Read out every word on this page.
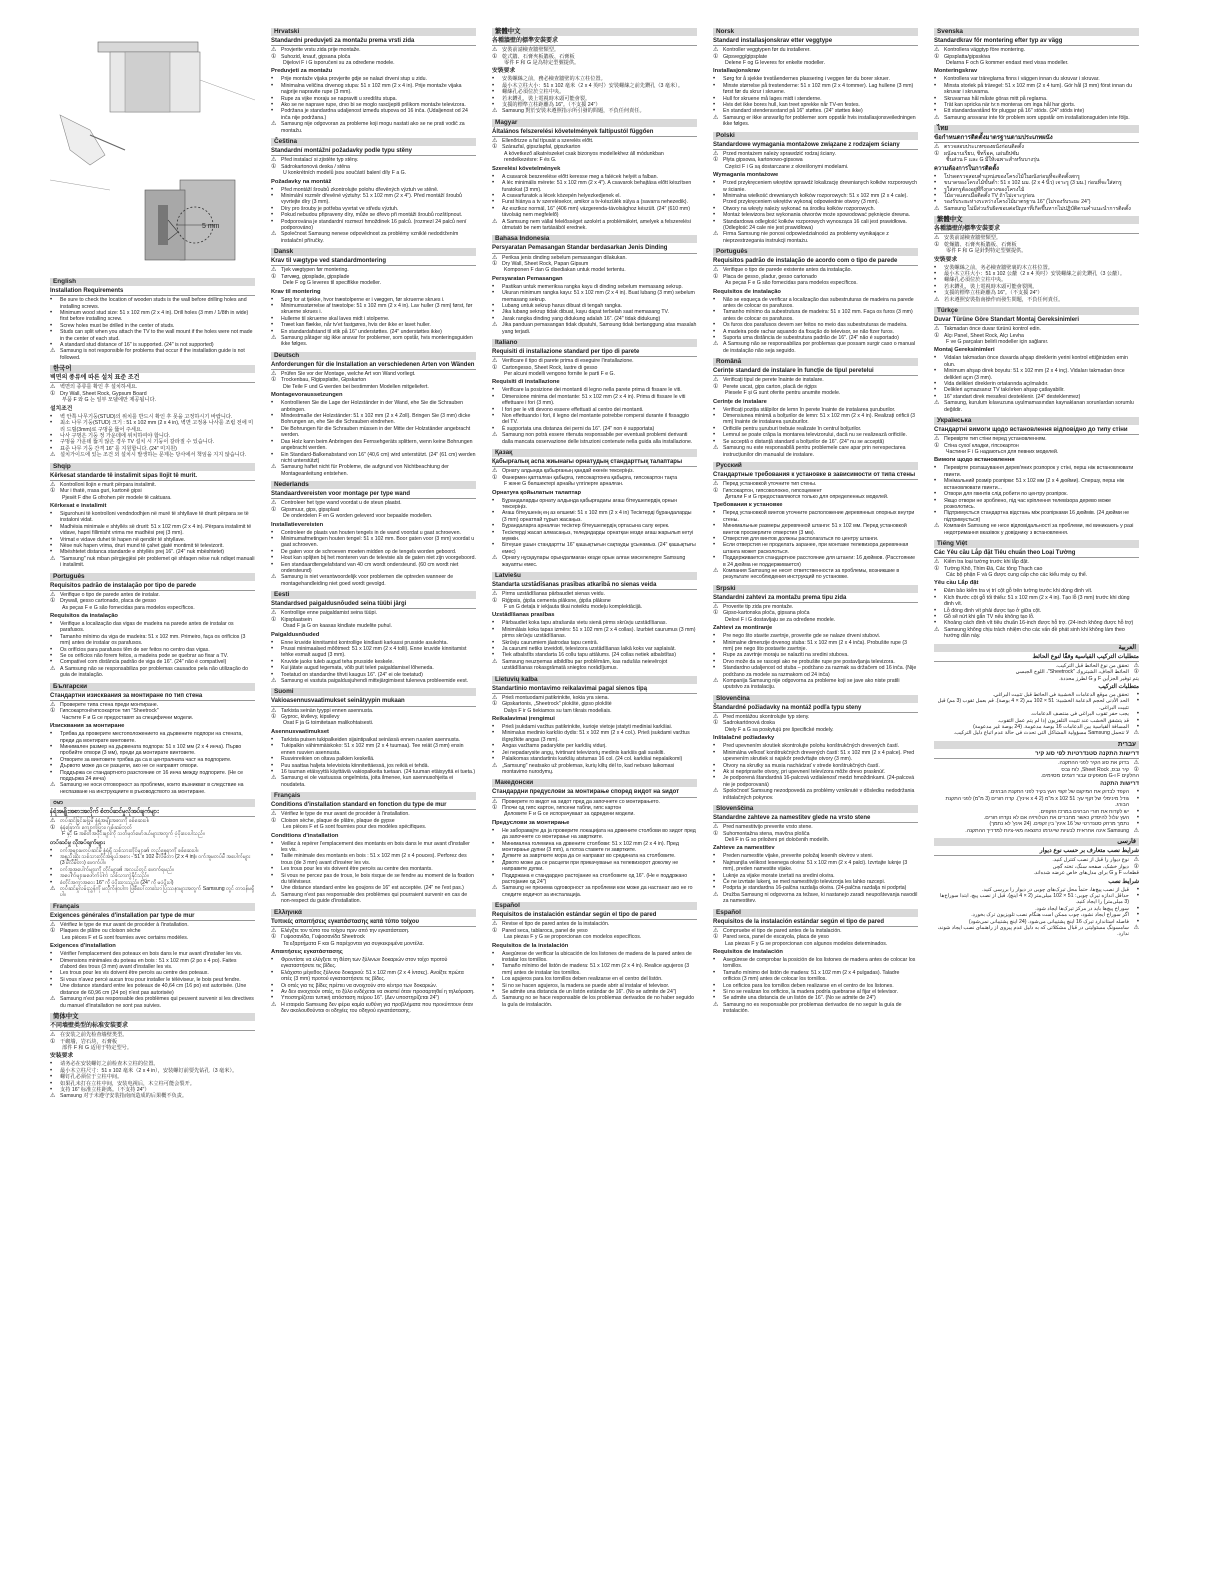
5 mm
English
Installation Requirements
•	Be sure to check the location of wooden studs is the wall before drilling holes and installing screws.
•	Minimum wood stud size: 51 x 102 mm (2 x 4 in). Drill holes (3 mm / 1/8th in wide) first before installing screw.
•	Screw holes must be drilled in the center of studs.
•	Studs can split when you attach the TV to the wall mount if the holes were not made in the center of each stud.
•	A standard stud distance of 16" is supported. (24" is not supported)
⚠ Samsung is not responsible for problems that occur if the installation guide is not followed.
한국어
벽면의 종류에 따른 설치 표준 조건
⚠ 벽면의 종류를 확인 후 설치하세요.
① Dry Wall, Sheet Rock, Gypsum Board
부품 F 와 G 는 일부 모델에만 제공됩니다.
설치조건
•	벽 안쪽 나무기둥(STUD)의 위치를 반드시 확인 후 못을 고정하시기 바랍니다.
•	최소 나무 기둥(STUD) 크기 : 51 x 102 mm (2 x 4 in), 벽면 고정용 나사를 조립 전에 미리 드릴(3mm)로 구멍을 뚫어 주세요.
•	나사 구멍은 기둥 정 가운데에 위치하여야 합니다.
•	구멍을 가운데 뚫지 않은 경우 TV 설치 시 기둥이 갈라질 수 있습니다.
•	표준 나무 기둥 간격 16" 를 지원합니다. (24" 미지원)
⚠ 설치가이드에 있는 조건 외 설치시 발생하는 문제는 당사에서 책임을 지지 않습니다.
Shqip
Kërkesat standarde të instalimit sipas llojit të murit.
⚠ Kontrolloni llojin e murit përpara instalimit.
① Mur i thatë, rrasa guri, kartonë gipsi
Pjesët F dhe G ofrohen për modele të caktuara.
Kërkesat e instalimit
•	Sigurohuni të kontrolloni vendndodhjen në murë të shtyllave të drurit përpara se të instaloni vidat.
•	Madhësia minimale e shtyllës së drurit: 51 x 102 mm (2 x 4 in). Përpara instalimit të vidave, hapni fillimisht vrima me madhësi prej (3 mm).
•	Vrimat e vidave duhet të hapen në qendër të shtyllave.
•	Nëse nuk hapen vrima, druri mund të çahet gjatë montimit të televizorit.
•	Mbështetet distanca standarde e shtyllës prej 16". (24" nuk mbështetet)
⚠ "Samsung" nuk mban përgjegjësi për problemet që shfaqen nëse nuk ndiqet manuali i instalimit.
Português
Requisitos padrão de instalação por tipo de parede
⚠ Verifique o tipo de parede antes de instalar.
① Drywall, gesso cartonado, placa de gesso
As peças F e G são fornecidas para modelos específicos.
Requisitos da instalação
•	Verifique a localização das vigas de madeira na parede antes de instalar os parafusos.
•	Tamanho mínimo da viga de madeira: 51 x 102 mm. Primeiro, faça os orifícios (3 mm) antes de instalar os parafusos.
•	Os orifícios para parafusos têm de ser feitos no centro das vigas.
•	Se os orifícios não forem feitos, a madeira pode se quebrar ao fixar a TV.
•	Compatível com distância padrão de viga de 16". (24" não é compatível)
⚠ A Samsung não se responsabiliza por problemas causados pela não utilização do guia de instalação.
Български
Стандартни изисквания за монтиране по тип стена
⚠ Проверете типа стена преди монтиране.
① Гипсокартон/гипсокартон тип "Sheetrock"
Частите F и G се предоставят за специфични модели.
Изисквания за монтиране
•	Трябва да проверите местоположението на дървените подпори на стената, преди да монтирате винтовете.
•	Минимален размер на дървената подпора: 51 x 102 мм (2 x 4 инча). Първо пробийте отвори (3 мм), преди да монтирате винтовете.
•	Отворите за винтовете трябва да са в централната част на подпорите.
•	Дървото може да се разцепи, ако не се направят отвори.
•	Поддържа се стандартното разстояние от 16 инча между подпорите. (Не се поддържа 24 инча)
⚠ Samsung не носи отговорност за проблеми, които възникват в следствие на неспазване на инструкциите в ръководството за монтиране.
ဗမာ
နံရံအမျိုးအစားအလိုက် စံတပ်ဆင်မှုလိုအပ်ချက်များ
⚠ တပ်ဆင်ခြင်းမပြုမီ နံရံအမျိုးအစားကို စစ်ဆေးပါ။
① နံရံခြောက်၊ ကျောက်ပြား၊ ဂျစ်ဆမ်ဘုတ်
F နှင့် G အစိတ်အပိုင်းများကို သတ်မှတ်မော်ဒယ်များအတွက် ပံ့ပိုးပေးပါသည်။
တပ်ဆင်မှု လိုအပ်ချက်များ
•	ဝက်အူများမတပ်ဆင်မီ နံရံရှိ သစ်သားတိုင်များ၏ တည်နေရာကို စစ်ဆေးပါ။
•	အနည်းဆုံး သစ်သားတိုင်အရွယ်အစား - 51 x 102 မီလီမီတာ (2 x 4 in)။ ဝက်အူမတပ်မီ အပေါက်များ (3 မီလီမီတာ) ဖောက်ပါ။
•	ဝက်အူအပေါက်များကို တိုင်များ၏ အလယ်တွင် ဖောက်ရမည်။
•	အပေါက်များမဖောက်ပါက သစ်သားကွဲနိုင်သည်။
•	စံတိုင်အကွာအဝေး 16" ကို ပံ့ပိုးထားသည်။ (24" ကို မပံ့ပိုးပါ)
⚠ တပ်ဆင်မှုလမ်းညွှန်ကို မလိုက်နာပါက ဖြစ်ပေါ်လာသော ပြဿနာများအတွက် Samsung တွင် တာဝန်မရှိပါ။
Français
Exigences générales d'installation par type de mur
⚠ Vérifiez le type de mur avant de procéder à l'installation.
① Plaques de plâtre ou cloison sèche
Les pièces F et G sont fournies avec certains modèles.
Exigences d'installation
•	Vérifier l'emplacement des poteaux en bois dans le mur avant d'installer les vis.
•	Dimensions minimales du poteau en bois : 51 x 102 mm (2 po x 4 po). Faites d'abord des trous (3 mm) avant d'installer les vis.
•	Les trous pour les vis doivent être percés au centre des poteaux.
•	Si vous n'avez percé aucun trou pour installer le téléviseur, le bois peut fendre.
•	Une distance standard entre les poteaux de 40,64 cm (16 po) est autorisée. (Une distance de 60,96 cm (24 po) n'est pas autorisée)
⚠ Samsung n'est pas responsable des problèmes qui peuvent survenir si les directives du manuel d'installation ne sont pas suivies.
简体中文
不同墙壁类型的标准安装要求
⚠ 在安装之前先检查墙壁类型。
① 干砌墙，岩石块，石膏板
部件 F 和 G 适用于特定型号。
安装要求
•	请务必在安装螺钉之前检查木立柱的位置。
•	最小木立柱尺寸：51 x 102 毫米（2 x 4 in），安装螺钉前要先钻孔（3 毫米）。
•	螺钉孔必须位于立柱中间。
•	如果孔未打在立柱中间，安装电视后，木立柱可能会裂开。
•	支持 16" 标准立柱距离。（不支持 24"）
⚠ Samsung 对于未遵守安装指南而造成的后果概不负责。
Hrvatski
Standardni preduvjeti za montažu prema vrsti zida
⚠ Provjerite vrstu zida prije montaže.
① Suhozid, knauf, gipsana ploča
Dijelovi F i G isporučeni su za određene modele.
Preduvjeti za montažu
•	Prije montaže vijaka provjerite gdje se nalazi drveni stup u zidu.
•	Minimalna veličina drvenog stupa: 51 x 102 mm (2 x 4 in). Prije montaže vijaka najprije napravite rupe (3 mm).
•	Rupe za vijke moraju se napraviti u središtu stupa.
•	Ako se ne naprave rupe, drvo bi se moglo rascijepiti prilikom montaže televizora.
•	Podržana je standardna udaljenost između stupova od 16 inča. (Udaljenost od 24 inča nije podržana.)
⚠ Samsung nije odgovoran za probleme koji mogu nastati ako se ne prati vodič za montažu.
Čeština
Standardní montážní požadavky podle typu stěny
⚠ Před instalací si zjistěte typ stěny.
① Sádrokartonová deska / stěna
U konkrétních modelů jsou součástí balení díly F a G.
Požadavky na montáž
•	Před montáží šroubů zkontrolujte polohu dřevěných výztuh ve stěně.
•	Minimální rozměr dřevěné výztuhy: 51 x 102 mm (2 x 4"). Před montáží šroubů vyvrtejte díry (3 mm).
•	Díry pro šrouby je potřeba vyvrtat ve středu výztuh.
•	Pokud nebudou připraveny díry, může se dřevo při montáži šroubů rozštípnout.
•	Podporována je standardní rozmezí hmoždinek 16 palců. (rozmezí 24 palců není podporováno)
⚠ Společnost Samsung nenese odpovědnost za problémy vzniklé nedodržením instalační příručky.
Dansk
Krav til vægtype ved standardmontering
⚠ Tjek vægtypen før montering.
① Tørvæg, gipsplade, gipsplade
Dele F og G leveres til specifikke modeller.
Krav til montering
•	Sørg for at tjekke, hvor træstolperne er i væggen, før skruerne skrues i.
•	Minimumsstørrelse af træstolpe: 51 x 102 mm (2 x 4 in). Lav huller (3 mm) først, før skruerne skrues i.
•	Hullerne til skruerne skal laves midt i stolperne.
•	Træet kan flække, når tv'et fastgøres, hvis der ikke er lavet huller.
•	En standardafstand til stik på 16" understøttes. (24" understøttes ikke)
⚠ Samsung påtager sig ikke ansvar for problemer, som opstår, hvis monteringsguiden ikke følges.
Deutsch
Anforderungen für die Installation an verschiedenen Arten von Wänden
⚠ Prüfen Sie vor der Montage, welche Art von Wand vorliegt.
① Trockenbau, Rigipsplatte, Gipskarton
Die Teile F und G werden bei bestimmten Modellen mitgeliefert.
Montagevoraussetzungen
•	Kontrollieren Sie die Lage der Holzständer in der Wand, ehe Sie die Schrauben anbringen.
•	Mindestmaße der Holzständer: 51 x 102 mm (2 x 4 Zoll). Bringen Sie (3 mm) dicke Bohrungen an, ehe Sie die Schrauben eindrehen.
•	Die Bohrungen für die Schrauben müssen in der Mitte der Holzständer angebracht werden.
•	Das Holz kann beim Anbringen des Fernsehgeräts splittern, wenn keine Bohrungen angebracht werden.
•	Ein Standard-Balkenabstand von 16" (40,6 cm) wird unterstützt. (24" (61 cm) werden nicht unterstützt)
⚠ Samsung haftet nicht für Probleme, die aufgrund von Nichtbeachtung der Montageanleitung entstehen.
Nederlands
Standaardvereisten voor montage per type wand
⚠ Controleer het type wand voordat u de steun plaatst.
① Gipsmuur, gips, gipsplaat
De onderdelen F en G worden geleverd voor bepaalde modellen.
Installatievereisten
•	Controleer de plaats van houten tengels in de wand voordat u gaat schroeven.
•	Minimumafmetingen houten tengel: 51 x 102 mm. Boor gaten voor (3 mm) voordat u gaat schroeven.
•	De gaten voor de schroeven moeten midden op de tengels worden geboord.
•	Hout kan splijten bij het monteren van de televisie als de gaten niet zijn voorgeboord.
•	Een standaardtengelafstand van 40 cm wordt ondersteund. (60 cm wordt niet ondersteund)
⚠ Samsung is niet verantwoordelijk voor problemen die optreden wanneer de montagehandleiding niet goed wordt gevolgd.
Eesti
Standardsed paigaldusnõuded seina tüübi järgi
⚠ Kontrollige enne paigaldamist seina tüüpi.
① Kipsplaatsein
Osad F ja G on kaasas kindlate mudelite puhul.
Paigaldusnõuded
•	Enne kruvide kinnitamist kontrollige kindlasti karkassi prusside asukohta.
•	Prussi minimaalsed mõõtmed: 51 x 102 mm (2 x 4 tolli). Enne kruvide kinnitamist tehke esmalt augud (3 mm).
•	Kruvide jaoks tuleb augud teha prusside keskele.
•	Kui jätate augud tegemata, võib puit teleri paigaldamisel lõheneda.
•	Toetatud on standardne tihvti kaugus 16". (24" ei ole toetatud)
⚠ Samsung ei vastuta paigaldusjuhendi mittejärgimisest tuleneva probleemide eest.
Suomi
Vakioasennusvaatimukset seinätyypin mukaan
⚠ Tarkista seinän tyyppi ennen asennusta.
① Gyproc, kivilevy, kipsilevy
Osat F ja G toimitetaan malikohtaisesti.
Asennusvaatimukset
•	Tarkista puisen tukipalkeiden sijaintipaikat seinässä ennen ruuvien asennusta.
•	Tukipalkin vähimmäiskoko: 51 x 102 mm (2 x 4 tuumaa). Tee reiät (3 mm) ensin ennen ruuvien asennusta.
•	Ruuvinreikien on oltava palkien keskellä.
•	Puu saattaa haljeta televisiota kiinnitettäessä, jos reikiä ei tehdä.
•	16 tuuman etäisyyttä käyttäviä vakiopalkeita tuetaan. (24 tuuman etäisyyttä ei tueta.)
⚠ Samsung ei ole vastuussa ongelmista, joita ilmenee, kun asennusohjeita ei noudateta.
Français
Conditions d'installation standard en fonction du type de mur
⚠ Vérifiez le type de mur avant de procéder à l'installation.
① Cloison sèche, plaque de plâtre, plaque de gypse
Les pièces F et G sont fournies pour des modèles spécifiques.
Conditions d'installation
•	Veillez à repérer l'emplacement des montants en bois dans le mur avant d'installer les vis.
•	Taille minimale des montants en bois : 51 x 102 mm (2 x 4 pouces). Perforez des trous (de 3 mm) avant d'insérer les vis.
•	Les trous pour les vis doivent être percés au centre des montants.
•	Si vous ne percez pas de trous, le bois risque de se fendre au moment de la fixation du téléviseur.
•	Une distance standard entre les goujons de 16" est acceptée. (24" ne l'est pas.)
⚠ Samsung n'est pas responsable des problèmes qui pourraient survenir en cas de non-respect du guide d'installation.
Ελληνικά
Τυπικές απαιτήσεις εγκατάστασης κατά τύπο τοίχου
⚠ Ελέγξτε τον τύπο του τοίχου πριν από την εγκατάσταση.
① Γυψοσανίδα, Γυψοσανίδα Sheetrock
Τα εξαρτήματα F και G παρέχονται για συγκεκριμένα μοντέλα.
Απαιτήσεις εγκατάστασης
•	Φροντίστε να ελέγξετε τη θέση των ξύλινων δοκαριών στον τοίχο προτού εγκαταστήσετε τις βίδες.
•	Ελάχιστο μέγεθος ξύλινου δοκαριού: 51 x 102 mm (2 x 4 ίντσες). Ανοίξτε πρώτα οπές (3 mm) προτού εγκαταστήσετε τις βίδες.
•	Οι οπές για τις βίδες πρέπει να ανοιχτούν στο κέντρο των δοκαριών.
•	Αν δεν ανοιχτούν οπές, το ξύλο ενδέχεται να σκιστεί όταν προσαρτηθεί η τηλεόραση.
•	Υποστηρίζεται τυπική απόσταση πείρου 16". (Δεν υποστηρίζεται 24")
⚠ Η εταιρεία Samsung δεν φέρει καμία ευθύνη για προβλήματα που προκύπτουν όταν δεν ακολουθούνται οι οδηγίες του οδηγού εγκατάστασης.
繁體中文
各種牆壁的標準安裝要求
⚠ 安裝前請檢查牆壁類型。
① 乾式牆、石膏夾板牆板、石膏板
零件 F 和 G 是為特定型號提供。
安裝要求
•	安裝螺絲之前，務必檢查牆壁的木立柱位置。
•	最小木立柱大小：51 x 102 毫米（2 x 4 英吋）安裝螺絲之前先鑽孔（3 毫米）。
•	螺絲孔必須位於立柱中央。
•	若未鑽孔，裝上電視時木頭可能會裂。
•	支援的標準立柱距離為 16"。（不支援 24"）
⚠ Samsung 對於安裝未遵照指示所引發的問題，不負任何責任。
Magyar
Általános felszerelési követelmények faltípustól függően
⚠ Ellenőrizze a fal típusát a szerelés előtt.
① Szárazfal, gipszlapfal, gipszkarton
A következő alkatrészeket csak bizonyos modellekhez áll módunkban rendelkezésre: F és G.
Szerelési követelmények
•	A csavarok beszerelése előtt keresse meg a falécek helyét a falban.
•	A léc minimális mérete: 51 x 102 mm (2 x 4"). A csavarok behajtása előtt készítsen furatokat (3 mm).
•	A csavarfuratok a lécek közepén helyezkedjenek el.
•	Furat hiánya a tv szerelésekor, amikor a tv-készülék súlya a (savarra nehezedik).
•	Az esztkoz normál, 16" (406 mm) vázgerenda-távolsághoz készült. (24" (610 mm) távolság nem megfelelő)
⚠ A Samsung nem vállal felelősséget azokért a problémákért, amelyek a felszerelési útmutató be nem tartásából erednek.
Bahasa Indonesia
Persyaratan Pemasangan Standar berdasarkan Jenis Dinding
⚠ Periksa jenis dinding sebelum pemasangan dilakukan.
① Dry Wall, Sheet Rock, Papan Gipsum
Komponen F dan G disediakan untuk model tertentu.
Persyaratan Pemasangan
•	Pastikan untuk memeriksa rangka kayu di dinding sebelum memasang sekrup.
•	Ukuran minimum rangka kayu: 51 x 102 mm (2 x 4 in). Buat lubang (3 mm) sebelum memasang sekrup.
•	Lubang untuk sekrup harus dibuat di tengah rangka.
•	Jika lubang sekrup tidak dibuat, kayu dapat terbelah saat memasang TV.
•	Jarak rangka dinding yang didukung adalah 16". (24" tidak didukung)
⚠ Jika panduan pemasangan tidak dipatuhi, Samsung tidak bertanggung atas masalah yang terjadi.
Italiano
Requisiti di installazione standard per tipo di parete
⚠ Verificare il tipo di parete prima di eseguire l'installazione.
① Cartongesso, Sheet Rock, lastre di gesso
Per alcuni modelli vengono fornite le parti F e G.
Requisiti di installazione
•	Verificare la posizione dei montanti di legno nella parete prima di fissare le viti.
•	Dimensione minima del montante: 51 x 102 mm (2 x 4 in). Prima di fissare le viti effettuare i fori (3 mm).
•	I fori per le viti devono essere effettuati al centro dei montanti.
•	Non effettuando i fori, il legno del montante potrebbe rompersi durante il fissaggio del TV.
•	È supportata una distanza dei perni da 16". (24" non è supportata)
⚠ Samsung non potrà essere ritenuta responsabile per eventuali problemi derivanti dalla mancata osservazione delle istruzioni contenute nella guida alla installazione.
Қазақ
Қабырғалық аспа жиынағы орнатудың стандарттық талаптары
⚠ Орнату алдында қабырғаның қандай екенін тексеріңіз.
① Фанермен қапталған қабырға, гипсокартонға қабырға, гипсокартон тақта
F және G бөлшектері арнайы үлгілерге арналған.
Орнатуға қойылатын талаптар
•	Бұрандаларды орнату алдында қабырғадағы ағаш бітеушелердің орнын тексеріңіз.
•	Ағаш бітеушенің ең аз өлшемі: 51 x 102 mm (2 x 4 in) Тесіктерді бұрандаларды (3 mm) орнатпай тұрып жасаңыз.
•	Бұрандаларға арналған тесіктер бітеушелердің ортасына салу керек.
•	Тесіктерді жасап алмасаңыз, теледидарды орнатқан кезде ағаш жарылып кетуі мүмкін.
•	Бітеуше ұшын стандартты 16" қашықтығын сақтауды ұсынамыз. (24" қашықтығы емес)
⚠ Орнату нұсқаулары орындалмаған кезде орын алған мәселелерге Samsung жауапты емес.
Latviešu
Standarta uzstādīšanas prasības atkarībā no sienas veida
⚠ Pirms uzstādīšanas pārbaudiet sienas veidu.
① Riģipsis, ģipša cementa plāksne, ģipša plāksne
F un G detaļa ir iekļauta tikai noteiktu modeļu komplektācijā.
Uzstādīšanas prasības
•	Pārbaudiet koka tapu atrašanās vietu sienā pirms skrūvju uzstādīšanas.
•	Minimālais koka tapas izmērs: 51 x 102 mm (2 x 4 collas). Izurbiet caurumus (3 mm) pirms skrūvju uzstādīšanas.
•	Skrūvju caurumiem jāatrodas tapu centrā.
•	Ja caurumi netiks izveidoti, televizora uzstādīšanas laikā koks var saplaisāt.
•	Tiek atbalstīts standarta 16 collu tapu attālums. (24 collas netiek atbalstītas)
⚠ Samsung neuzņemas atbildību par problēmām, kas radušās neievērojot uzstādīšanas rokasgrāmatā sniegtos norādījumus.
Lietuvių kalba
Standartinio montavimo reikalavimai pagal sienos tipą
⚠ Prieš montuodami patikrinkite, kokia yra siena.
① Gipskartonis, „Sheetrock" plokštė, gipso plokštė
Dalys F ir G tiekiamos su tam tikrais modeliais.
Reikalavimai įrengimui
•	Prieš įsukdami varžtus patikrinkite, kurioje vietoje įstatyti mediniai karkšiai.
•	Minimalus medinio karkšio dydis: 51 x 102 mm (2 x 4 col.). Prieš įsukdami varžtus išgręžkite angas (3 mm).
•	Angas varžtams padarykite per karkšių vidurį.
•	Jei nepadarysite angų, tvirtinant televizorių medinis karkšis gali suskilti.
•	Palaikomas standartinis karkšių atstumas 16 col. (24 col. karkšiai nepalaikomi)
⚠ „Samsung" neatsako už problemas, kurių kiltų dėl to, kad nebuvo laikomasi montavimo nurodymų.
Македонски
Стандардни предуслови за монтирање според видот на ѕидот
⚠ Проверете го видот на ѕидот пред да започнете со монтирањето.
① Плочи од гипс картон, гипсени табли, гипс картон
Деловите F и G се испорачуваат за одредени модели.
Предуслови за монтирање
•	Не заборавајте да ја проверите локацијата на дрвените столбови во ѕидот пред да започнете со монтирање на завртките.
•	Минимална големина на дрвените столбови: 51 x 102 mm (2 x 4 in). Пред монтирање дупни (3 mm), а потоа ставете ги завртките.
•	Дупките за завртките мора да се направат во средината на столбовите.
•	Дрвото може да се расцепи при прикачување на телевизорот доколку не направите дупки.
•	Поддржана е стандардно растојание на столбовите од 16". (Не е поддржано растојание од 24")
⚠ Samsung не презема одговорност за проблеми кои може да настанат ако не го следите водичот за инсталација.
Español
Requisitos de instalación estándar según el tipo de pared
⚠ Revise el tipo de pared antes de la instalación.
① Pared seca, tablaroca, panel de yeso
Las piezas F y G se proporcionan con modelos específicos.
Requisitos de la instalación
•	Asegúrese de verificar la ubicación de los listones de madera de la pared antes de instalar los tornillos.
•	Tamaño mínimo del listón de madera: 51 x 102 mm (2 x 4 in). Realice agujeros (3 mm) antes de instalar los tornillos.
•	Los agujeros para los tornillos deben realizarse en el centro del listón.
•	Si no se hacen agujeros, la madera se puede abrir al instalar el televisor.
•	Se admite una distancia de un listón estándar de 16". (No se admite de 24")
⚠ Samsung no se hace responsable de los problemas derivados de no haber seguido la guía de instalación.
Norsk
Standard installasjonskrav etter veggtype
⚠ Kontroller veggtypen før du installerer.
① Gipsvegg/gipsplate
Delene F og G leveres for enkelte modeller.
Installasjonskrav
•	Sørg for å sjekke treståendernes plassering i veggen før du borer skruer.
•	Minste størrelse på trestenderne: 51 x 102 mm (2 x 4 tommer). Lag hullene (3 mm) først før du skrur i skruene.
•	Hull for skruene må lages midt i stenderne.
•	Hvis det ikke bores hull, kan treet sprekke når TV-en festes.
•	En standard stenderavstand på 16" støttes. (24" støttes ikke)
⚠ Samsung er ikke ansvarlig for problemer som oppstår hvis installasjonsveiledningen ikke følges.
Polski
Standardowe wymagania montażowe związane z rodzajem ściany
⚠ Przed montażem należy sprawdzić rodzaj ściany.
① Płyta gipsowa, kartonowo-gipsowa
Części F i G są dostarczane z określonymi modelami.
Wymagania montażowe
•	Przed przykręceniem wkrętów sprawdź lokalizację drewnianych kołków rozporowych w ścianie.
•	Minimalna wielkość drewnianych kołków rozporowych: 51 x 102 mm (2 x 4 cale). Przed przykręceniem wkrętów wykonaj odpowiednie otwory (3 mm).
•	Otwory na wkręty należy wykonać na środku kołków rozporowych.
•	Montaż telewizora bez wykonania otworów może spowodować pęknięcie drewna.
•	Standardowa odległość kołków rozporowych wynosząca 16 cali jest prawidłowa. (Odległość 24 cale nie jest prawidłowa)
⚠ Firma Samsung nie ponosi odpowiedzialności za problemy wynikające z nieprzestrzegania instrukcji montażu.
Português
Requisitos padrão de instalação de acordo com o tipo de parede
⚠ Verifique o tipo de parede existente antes da instalação.
① Placa de gesso, pladur, gesso cartonado
As peças F e G são fornecidas para modelos específicos.
Requisitos de instalação
•	Não se esqueça de verificar a localização das subestruturas de madeira na parede antes de colocar os parafusos.
•	Tamanho mínimo da subestrutura de madeira: 51 x 102 mm. Faça os furos (3 mm) antes de colocar os parafusos.
•	Os furos dos parafusos devem ser feitos no meio das subestruturas de madeira.
•	A madeira pode rachar aquando da fixação do televisor, se não fizer furos.
•	Suporta uma distância de subestrutura padrão de 16". (24" não é suportado)
⚠ A Samsung não se responsabiliza por problemas que possam surgir caso o manual de instalação não seja seguido.
Română
Cerințe standard de instalare în funcție de tipul peretelui
⚠ Verificați tipul de perete înainte de instalare.
① Perete uscat, gips carton, placă de rigips
Piesele F și G sunt oferite pentru anumite modele.
Cerințe de instalare
•	Verificați poziția stâlpilor de lemn în perete înainte de instalarea șuruburilor.
•	Dimensiunea minimă a bolțurilor de lemn: 51 x 102 mm (2 x 4 in). Realizați orificii (3 mm) înainte de instalarea șuruburilor.
•	Orificiile pentru șuruburi trebuie realizate în centrul bolțurilor.
•	Lemnul se poate crăpa la montarea televizorului, dacă nu se realizează orificiile.
•	Se acceptă o distanță standard a bolțurilor de 16". (24" nu se acceptă)
⚠ Samsung nu este responsabilă pentru problemele care apar prin nerespectarea instrucțiunilor din manualul de instalare.
Русский
Стандартные требования к установке в зависимости от типа стены
⚠ Перед установкой уточните тип стены.
① Гипсокартон, гипсоволокно, гипсоцемент
Детали F и G предоставляются только для определенных моделей.
Требования к установке
•	Перед установкой винтов уточните расположение деревянных опорных внутри стены.
•	Минимальные размеры деревянной штанги: 51 x 102 мм. Перед установкой винтов просверлите отверстия (3 мм).
•	Отверстия для винтов должны располагаться по центру штанги.
•	Если отверстия не проделать заранее, при монтаже телевизора деревянная штанга может расколоться.
•	Поддерживается стандартное расстояние для штанги: 16 дюймов. (Расстояние в 24 дюйма не поддерживается)
⚠ Компания Samsung не несет ответственности за проблемы, возникшие в результате несоблюдения инструкций по установке.
Srpski
Standardni zahtevi za montažu prema tipu zida
⚠ Proverite tip zida pre montaže.
① Gipsо-kartonska ploča, gipsana ploča
Delovi F i G dostavljaju se za određene modele.
Zahtevi za montiranje
•	Pre nego što stavite zavrtnje, proverite gde se nalaze drveni stubovi.
•	Minimalne dimenzije drvenog stuba: 51 x 102 mm (2 x 4 inča). Probušite rupe (3 mm) pre nego što postavite zavrtnje.
•	Rupe za zavrtnje moraju se nalaziti na sredini stubova.
•	Drvo može da se rascepi ako ne probušite rupe pre postavljanja televizora.
•	Standardno udaljenost od stuba – podržano za razmak sa držačem od 16 inča. (Nije podržano za modele sa razmakom od 24 inča)
⚠ Kompanija Samsung nije odgovorna za probleme koji se javе ako niste pratili uputstvo za instalaciju.
Slovenčina
Štandardné požiadavky na montáž podľa typu steny
⚠ Pred montážou skontrolujte typ steny.
① Sadrokartónová doska
Diely F a G sa poskytujú pre špecifické modely.
Inštalačné požiadavky
•	Pred upevnením skrutiek skontrolujte polohu konštrukčných drevených častí.
•	Minimálna veľkosť konštrukčných drevených častí: 51 x 102 mm (2 x 4 palce). Pred upevnením skrutiek si najskôr predvŕtajte otvory (3 mm).
•	Otvory na skrutky sa musia nachádzať v strede konštrukčných častí.
•	Ak si nepripravíte otvory, pri upevnení televízora môže drevo prasknúť.
•	Je podporená štandardná 16-palcová vzdialenosť medzi hmoždinkami. (24-palcová nie je podporovaná)
⚠ Spoločnosť Samsung nezodpovedá za problémy vzniknuté v dôsledku nedodržania inštalačných pokynov.
Slovenščina
Standardne zahteve za namestitev glede na vrsto stene
⚠ Pred namestitvijo preverite vrsto stene.
① Suhomontažna stena, mavčna plošča
Deli F in G so priloženi pri določenih modelih.
Zahteve za namestitev
•	Preden namestite vijake, preverite položaj lesenih okvirov v steni.
•	Najmanjša velikost lesenega okvira: 51 x 102 mm (2 x 4 palci). Izvrtajte luknje (3 mm), preden namestite vijake.
•	Luknje za vijake morate izvrtati na sredini okvira.
•	Če ne izvrtate lukenj, se med namestitvijo televizorja les lahko razcepi.
•	Podprta je standardna 16-palčna razdalja okvira. (24-palčna razdalja ni podprta)
⚠ Družba Samsung ni odgovorna za težave, ki nastanejo zaradi neupoštevanja navodil za namestitev.
Español
Requisitos de la instalación estándar según el tipo de pared
⚠ Compruebe el tipo de pared antes de la instalación.
① Pared seca, panel de escayola, placa de yeso
Las piezas F y G se proporcionan con algunos modelos determinados.
Requisitos de instalación
•	Asegúrese de comprobar la posición de los listones de madera antes de colocar los tornillos.
•	Tamaño mínimo del listón de madera: 51 x 102 mm (2 x 4 pulgadas). Taladre orificios (3 mm) antes de colocar los tornillos.
•	Los orificios para los tornillos deben realizarse en el centro de los listones.
•	Si no se realizan los orificios, la madera podría quebrarse al fijar el televisor.
•	Se admite una distancia de un listón de 16". (No se admite de 24")
⚠ Samsung no es responsable por problemas derivados de no seguir la guía de instalación.
Svenska
Standardkrav för montering efter typ av vägg
⚠ Kontrollera väggtyp före montering.
① Gipsplatta/gipsskiva
Delarna F och G kommer endast med vissa modeller.
Monteringskrav
•	Kontrollera var träreglarna finns i väggen innan du skruvar i skruvar.
•	Minsta storlek på träregel: 51 x 102 mm (2 x 4 tum). Gör hål (3 mm) först innan du skruvar i skruvarna.
•	Skruvarnas hål måste göras mitt på reglarna.
•	Trät kan spricka när tv:n monteras om inga hål har gjorts.
•	Ett standardavstånd för pluggar på 16" stöds. (24" stöds inte)
⚠ Samsung ansvarar inte för problem som uppstår om installationsguiden inte följs.
ไทย
ข้อกำหนดการติดตั้งมาตรฐานตามประเภทผนัง
⚠ ตรวจสอบประเภทของผนังก่อนติดตั้ง
① ผนังฉาบเรียบ, ชีทร็อค, แผ่นยิปซัม
ชิ้นส่วน F และ G มีให้เฉพาะสำหรับบางรุ่น
ความต้องการในการติดตั้ง
•	โปรดตรวจสอบตำแหน่งของโครงไม้ในผนังก่อนที่จะติดตั้งสกรู
•	ขนาดของโครงไม้ขั้นต่ำ: 51 x 102 มม. (2 x 4 นิ้ว) เจาะรู (3 มม.) ก่อนที่จะใส่สกรู
•	รูใส่สกรูต้องอยู่ที่กึ่งกลางของโครงไม้
•	ไม้อาจแตกเมื่อติดตั้ง TV ถ้าไม่เจาะรูก่อน
•	รองรับระยะห่างระหว่างโครงไม้มาตรฐาน 16" (ไม่รองรับระยะ 24")
⚠ Samsung ไม่มีส่วนรับผิดชอบต่อปัญหาที่เกิดขึ้นหากไม่ปฏิบัติตามคำแนะนำการติดตั้ง
繁體中文
各種牆壁的標準安裝要求
⚠ 安裝前請檢查牆壁類型。
① 乾燥牆、石膏夾板牆板、石膏板
零件 F 和 G 是針對特定型號提供。
安裝要求
•	安裝螺絲之前，务必檢查牆壁裏的木立柱位置。
•	最小木立柱大小：51 x 102 公釐（2 x 4 英吋）安裝螺絲之前先鑽孔（3 公釐）。
•	螺絲孔必須位於立柱中央。
•	若未鑽孔，裝上電視時木頭可能會裂開。
•	支援的標準立柱距離為 16"。（不支援 24"）
⚠ 若未遵照安裝指南操作而發生問題，不負任何責任。
Türkçe
Duvar Türüne Göre Standart Montaj Gereksinimleri
⚠ Takmadan önce duvar türünü kontrol edin.
① Alçı Panel, Sheet Rock, Alçı Levha
F ve G parçaları belirli modeller için sağlanır.
Montaj Gereksinimleri
•	Vidaları takmadan önce duvarda ahşap direklerin yerini kontrol ettiğinizden emin olun.
•	Minimum ahşap direk boyutu: 51 x 102 mm (2 x 4 inç). Vidaları takmadan önce delikleri açın (3 mm).
•	Vida delikleri direklerin ortalarında açılmalıdır.
•	Delikleri açmazsanız TV takılırken ahşap çatlayabilir.
•	16" standart direk mesafesi desteklenir. (24" desteklenmez)
⚠ Samsung, kurulum kılavuzuna uyulmamasından kaynaklanan sorunlardan sorumlu değildir.
Українська
Стандартні вимоги щодо встановлення відповідно до типу стіни
⚠ Перевірте тип стіни перед установленням.
① Стіна сухої кладки, гіпсокартон
Частини F і G надаються для певних моделей.
Вимоги щодо встановлення
•	Перевірте розташування дерев'яних розпорок у стіні, перш ніж встановлювати гвинти.
•	Мінімальний розмір розпірки: 51 x 102 мм (2 x 4 дюйми). Спершу, перш ніж встановлювати гвинти...
•	Отвори для гвинтів слід робити по центру розпірок.
•	Якщо отвори не зроблено, під час кріплення телевізора дерево може розколотись.
•	Підтримується стандартна відстань між розпірками 16 дюймів. (24 дюйми не підтримується)
⚠ Компанія Samsung не несе відповідальності за проблеми, які виникають у разі недотримання вказівок у довіднику з встановлення.
Tiếng Việt
Các Yêu cầu Lắp đặt Tiêu chuẩn theo Loại Tường
⚠ Kiểm tra loại tường trước khi lắp đặt.
① Tường Khô, Thìm Đá, Các tông Thạch cao
Các bộ phận F và G được cung cấp cho các kiểu máy cụ thể.
Yêu cầu Lắp đặt
•	Đảm bảo kiểm tra vị trí cột gỗ trên tường trước khi dùng đinh vít.
•	Kích thước cột gỗ tối thiểu: 51 x 102 mm (2 x 4 in). Tạo lỗ (3 mm) trước khi dùng đinh vít.
•	Lỗ đóng đinh vít phải được tạo ở giữa cột.
•	Gỗ sẽ nứt khi gắn TV nếu không tạo lỗ.
•	Khoảng cách đinh vít tiêu chuẩn 16-inch được hỗ trợ. (24-inch không được hỗ trợ)
⚠ Samsung không chịu trách nhiệm cho các vấn đề phát sinh khi không làm theo hướng dẫn này.
العربية
متطلبات التركيب القياسية وفقًا لنوع الحائط
⚠
تحقق من نوع الحائط قبل التركيب.
①
الحائط الجاف، الشيتروك "Sheetrock"، اللوح الجبسي
يتم توفير الجزأين F و G لطرز محددة.
متطلبات التركيب
•
تحقق من موقع الدعامات الخشبية في الحائط قبل تثبيت البراغي.
•
الحد الأدنى لحجم الدعامة الخشبية: 51 × 102 مم (2 × 4 بوصة). قم بعمل ثقوب (3 مم) قبل تثبيت البراغي.
•
يجب حفر ثقوب البراغي في منتصف الدعامات.
•
قد يتشقق الخشب عند تثبيت التلفزيون إذا لم يتم عمل الثقوب.
•
المسافة القياسية بين الدعامات 16 بوصة مدعومة. (24 بوصة غير مدعومة)
⚠
لا تتحمل Samsung مسؤولية المشاكل التي تحدث في حالة عدم اتباع دليل التركيب.
עברית
דרישות התקנה סטנדרטיות לפי סוג קיר
⚠
בדוק את סוג הקיר לפני ההתקנה.
①
קיר גבס, Sheet Rock, לוח גבס
החלקים F ו-G מסופקים עבור דגמים מסוימים.
דרישות התקנה
•
הקפד לבדוק את המיקום של זקפי העץ בקיר לפני התקנת הברגים.
•
גודל מינימלי של זקף עץ: 51 x 102 מ"מ (2 x 4 אינץ'). קדח חורים (3 מ"מ) לפני התקנת הבורג.
•
יש לקדוח את חורי הברגים במרכז הזקפים.
•
העץ עלול להיסדק כאשר מחברים את הטלוויזיה אם לא נקדחו חורים.
•
נתמך מרחק סטנדרטי של 16 אינץ' בין זקפים. (24 אינץ' לא נתמך)
⚠
Samsung אינה אחראית לבעיות שייגרמו כתוצאה מאי-ציות למדריך ההתקנה.
فارسی
شرایط نصب متعارف بر حسب نوع دیوار
⚠
نوع دیوار را قبل از نصب کنترل کنید.
①
دیوار خشک، صفحه سنگ، تخته گچی
قطعات F و G برای مدل‌های خاص عرضه شده‌اند.
شرایط نصب
•
قبل از نصب پیچ‌ها، حتماً محل تیرک‌های چوبی در دیوار را بررسی کنید.
•
حداقل اندازه تیرک چوبی: 51 × 102 میلی‌متر (2 × 4 اینچ). قبل از نصب پیچ، ابتدا سوراخ‌ها (3 میلی‌متر) را ایجاد کنید.
•
سوراخ پیچ‌ها باید در مرکز تیرک‌ها ایجاد شود.
•
اگر سوراخ ایجاد نشود، چوب ممکن است هنگام نصب تلویزیون ترک بخورد.
•
فاصله استاندارد تیرک 16 اینچ پشتیبانی می‌شود. (24 اینچ پشتیبانی نمی‌شود)
⚠
سامسونگ مسئولیتی در قبال مشکلاتی که به دلیل عدم پیروی از راهنمای نصب ایجاد شوند، ندارد.
